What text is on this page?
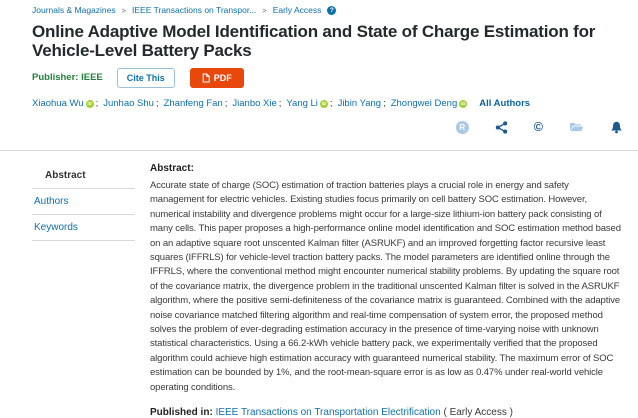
Journals & Magazines > IEEE Transactions on Transpor... > Early Access	?
Online Adaptive Model Identification and State of Charge Estimation for Vehicle-Level Battery Packs
Publisher: IEEE	Cite This	PDF
Xiaohua Wu iD ; Junhao Shu ; Zhanfeng Fan ; Jianbo Xie ; Yang Li iD ; Jibin Yang ; Zhongwei Deng iD All Authors
R	©
Abstract
Authors
Keywords
Abstract:

Accurate state of charge (SOC) estimation of traction batteries plays a crucial role in energy and safety management for electric vehicles. Existing studies focus primarily on cell battery SOC estimation. However, numerical instability and divergence problems might occur for a large-size lithium-ion battery pack consisting of many cells. This paper proposes a high-performance online model identification and SOC estimation method based on an adaptive square root unscented Kalman filter (ASRUKF) and an improved forgetting factor recursive least squares (IFFRLS) for vehicle-level traction battery packs. The model parameters are identified online through the IFFRLS, where the conventional method might encounter numerical stability problems. By updating the square root of the covariance matrix, the divergence problem in the traditional unscented Kalman filter is solved in the ASRUKF algorithm, where the positive semi-definiteness of the covariance matrix is guaranteed. Combined with the adaptive noise covariance matched filtering algorithm and real-time compensation of system error, the proposed method solves the problem of ever-degrading estimation accuracy in the presence of time-varying noise with unknown statistical characteristics. Using a 66.2-kWh vehicle battery pack, we experimentally verified that the proposed algorithm could achieve high estimation accuracy with guaranteed numerical stability. The maximum error of SOC estimation can be bounded by 1%, and the root-mean-square error is as low as 0.47% under real-world vehicle operating conditions.

Published in: IEEE Transactions on Transportation Electrification ( Early Access )
